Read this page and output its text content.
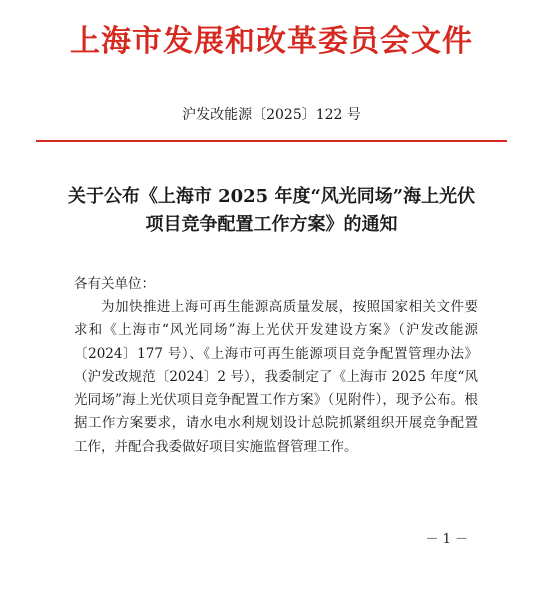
上海市发展和改革委员会文件
沪发改能源〔2025〕122 号
关于公布《上海市 2025 年度“风光同场”海上光伏
项目竞争配置工作方案》的通知
各有关单位：
为加快推进上海可再生能源高质量发展，按照国家相关文件要求和《上海市“风光同场”海上光伏开发建设方案》（沪发改能源〔2024〕177 号）、《上海市可再生能源项目竞争配置管理办法》（沪发改规范〔2024〕2 号），我委制定了《上海市 2025 年度“风光同场”海上光伏项目竞争配置工作方案》（见附件），现予公布。根据工作方案要求，请水电水利规划设计总院抓紧组织开展竞争配置工作，并配合我委做好项目实施监督管理工作。
－ 1 －
